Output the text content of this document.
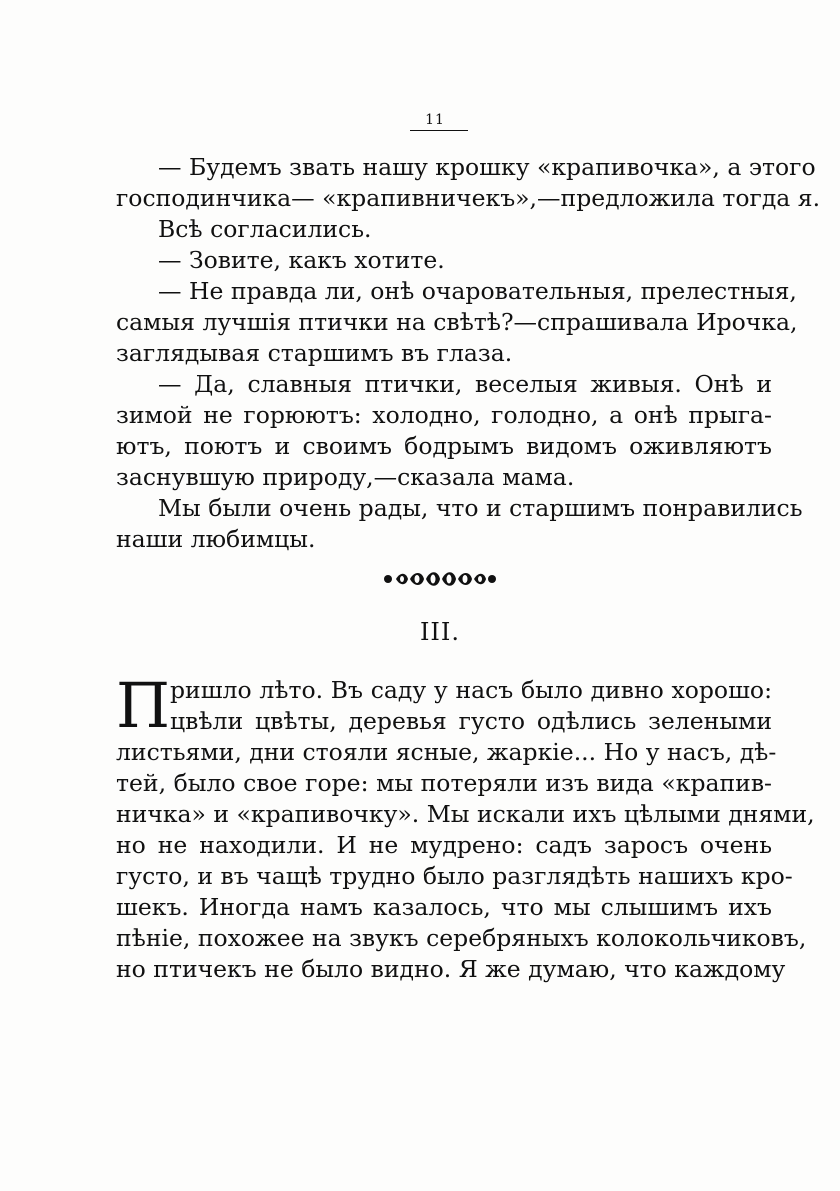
11
— Будемъ звать нашу крошку «крапивочка», а этого
господинчика— «крапивничекъ»,—предложила тогда я.
Всѣ согласились.
— Зовите, какъ хотите.
— Не правда ли, онѣ очаровательныя, прелестныя,
самыя лучшія птички на свѣтѣ?—спрашивала Ирочка,
заглядывая старшимъ въ глаза.
— Да, славныя птички, веселыя живыя. Онѣ и
зимой не горюютъ: холодно, голодно, а онѣ прыга-
ютъ, поютъ и своимъ бодрымъ видомъ оживляютъ
заснувшую природу,—сказала мама.
Мы были очень рады, что и старшимъ понравились
наши любимцы.
III.
П ришло лѣто. Въ саду у насъ было дивно хорошо:
цвѣли цвѣты, деревья густо одѣлись зелеными
листьями, дни стояли ясные, жаркіе... Но у насъ, дѣ-
тей, было свое горе: мы потеряли изъ вида «крапив-
ничка» и «крапивочку». Мы искали ихъ цѣлыми днями,
но не находили. И не мудрено: садъ заросъ очень
густо, и въ чащѣ трудно было разглядѣть нашихъ кро-
шекъ. Иногда намъ казалось, что мы слышимъ ихъ
пѣніе, похожее на звукъ серебряныхъ колокольчиковъ,
но птичекъ не было видно. Я же думаю, что каждому
